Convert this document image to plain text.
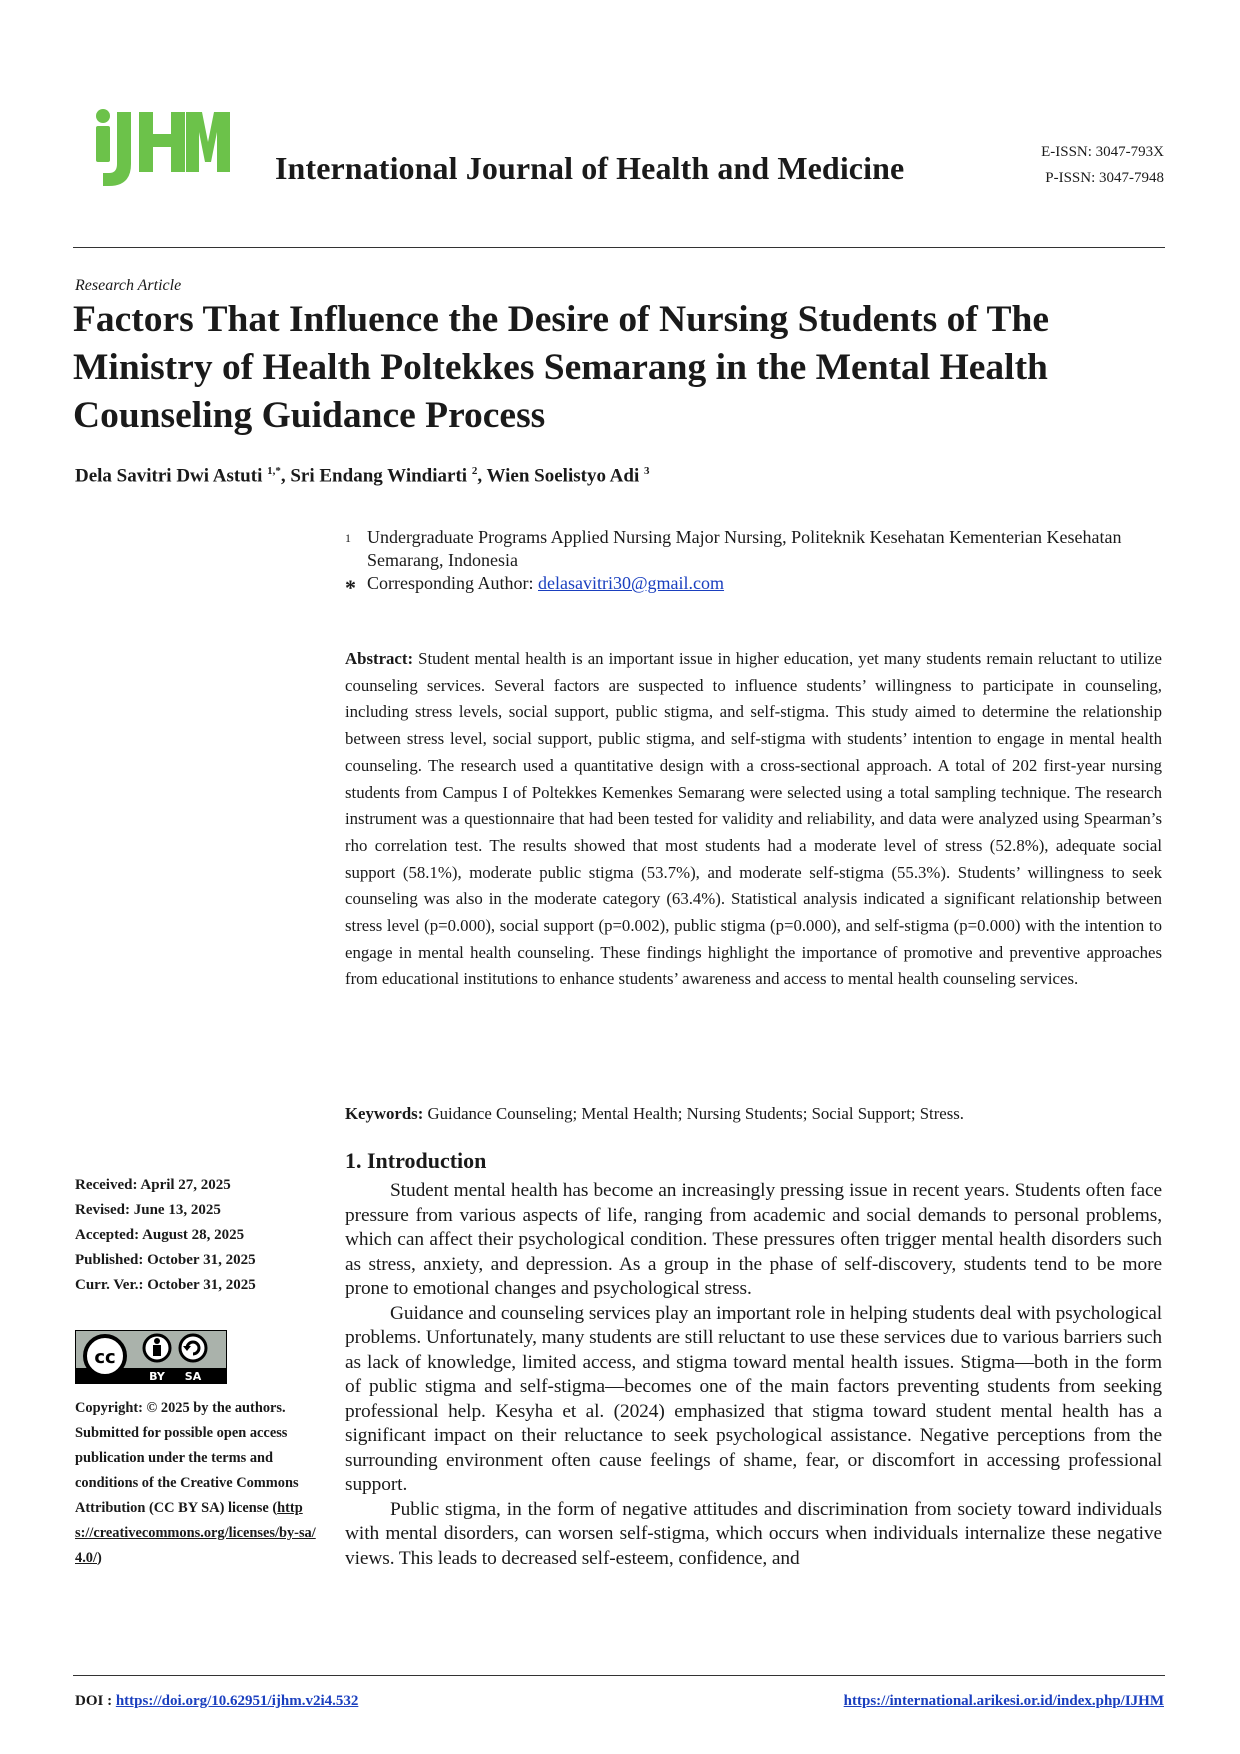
International Journal of Health and Medicine	E-ISSN: 3047-793X
P-ISSN: 3047-7948
Research Article
Factors That Influence the Desire of Nursing Students of The Ministry of Health Poltekkes Semarang in the Mental Health Counseling Guidance Process
Dela Savitri Dwi Astuti $^{1,*}$, Sri Endang Windiarti $^2$, Wien Soelistyo Adi $^3$
1 Undergraduate Programs Applied Nursing Major Nursing, Politeknik Kesehatan Kementerian Kesehatan Semarang, Indonesia
* Corresponding Author: delasavitri30@gmail.com
Abstract: Student mental health is an important issue in higher education, yet many students remain reluctant to utilize counseling services. Several factors are suspected to influence students’ willingness to participate in counseling, including stress levels, social support, public stigma, and self-stigma. This study aimed to determine the relationship between stress level, social support, public stigma, and self-stigma with students’ intention to engage in mental health counseling. The research used a quantitative design with a cross-sectional approach. A total of 202 first-year nursing students from Campus I of Poltekkes Kemenkes Semarang were selected using a total sampling technique. The research instrument was a questionnaire that had been tested for validity and reliability, and data were analyzed using Spearman’s rho correlation test. The results showed that most students had a moderate level of stress (52.8%), adequate social support (58.1%), moderate public stigma (53.7%), and moderate self-stigma (55.3%). Students’ willingness to seek counseling was also in the moderate category (63.4%). Statistical analysis indicated a significant relationship between stress level (p=0.000), social support (p=0.002), public stigma (p=0.000), and self-stigma (p=0.000) with the intention to engage in mental health counseling. These findings highlight the importance of promotive and preventive approaches from educational institutions to enhance students’ awareness and access to mental health counseling services.
Keywords: Guidance Counseling; Mental Health; Nursing Students; Social Support; Stress.
Received: April 27, 2025
Revised: June 13, 2025
Accepted: August 28, 2025
Published: October 31, 2025
Curr. Ver.: October 31, 2025
cc
BY SA
Copyright: © 2025 by the authors. Submitted for possible open access publication under the terms and conditions of the Creative Commons Attribution (CC BY SA) license (https://creativecommons.org/licenses/by-sa/4.0/)
1. Introduction

Student mental health has become an increasingly pressing issue in recent years. Students often face pressure from various aspects of life, ranging from academic and social demands to personal problems, which can affect their psychological condition. These pressures often trigger mental health disorders such as stress, anxiety, and depression. As a group in the phase of self-discovery, students tend to be more prone to emotional changes and psychological stress.

Guidance and counseling services play an important role in helping students deal with psychological problems. Unfortunately, many students are still reluctant to use these services due to various barriers such as lack of knowledge, limited access, and stigma toward mental health issues. Stigma—both in the form of public stigma and self-stigma—becomes one of the main factors preventing students from seeking professional help. Kesyha et al. (2024) emphasized that stigma toward student mental health has a significant impact on their reluctance to seek psychological assistance. Negative perceptions from the surrounding environment often cause feelings of shame, fear, or discomfort in accessing professional support.

Public stigma, in the form of negative attitudes and discrimination from society toward individuals with mental disorders, can worsen self-stigma, which occurs when individuals internalize these negative views. This leads to decreased self-esteem, confidence, and

DOI : https://doi.org/10.62951/ijhm.v2i4.532	https://international.arikesi.or.id/index.php/IJHM
